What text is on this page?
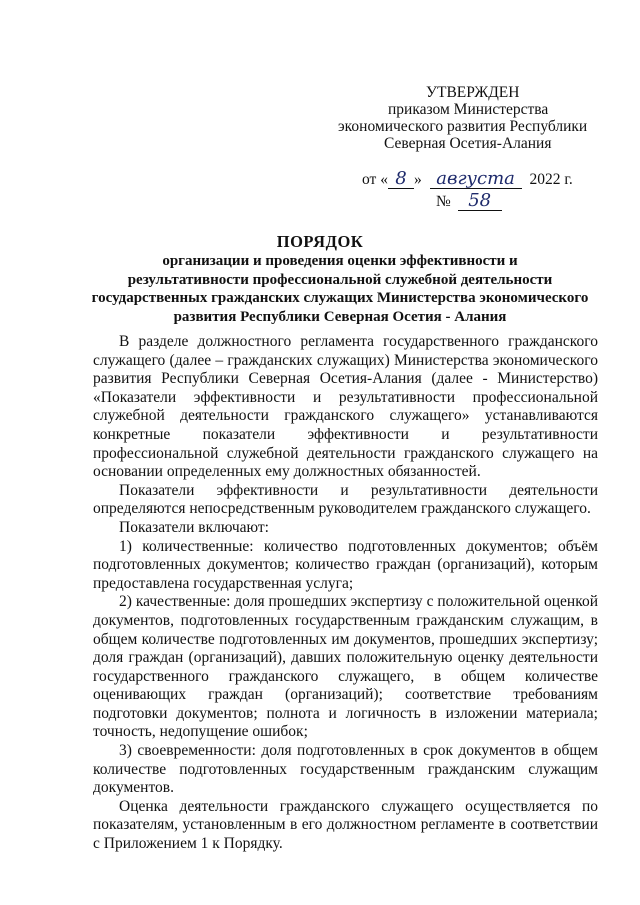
УТВЕРЖДЕН
приказом Министерства
экономического развития Республики
Северная Осетия-Алания
от « 8 » августа 2022 г.
№ 58
ПОРЯДОК
организации и проведения оценки эффективности и
результативности профессиональной служебной деятельности
государственных гражданских служащих Министерства экономического
развития Республики Северная Осетия - Алания

В разделе должностного регламента государственного гражданского служащего (далее – гражданских служащих) Министерства экономического развития Республики Северная Осетия-Алания (далее - Министерство) «Показатели эффективности и результативности профессиональной служебной деятельности гражданского служащего» устанавливаются конкретные показатели эффективности и результативности профессиональной служебной деятельности гражданского служащего на основании определенных ему должностных обязанностей.

Показатели эффективности и результативности деятельности определяются непосредственным руководителем гражданского служащего.

Показатели включают:

1) количественные: количество подготовленных документов; объём подготовленных документов; количество граждан (организаций), которым предоставлена государственная услуга;

2) качественные: доля прошедших экспертизу с положительной оценкой документов, подготовленных государственным гражданским служащим, в общем количестве подготовленных им документов, прошедших экспертизу; доля граждан (организаций), давших положительную оценку деятельности государственного гражданского служащего, в общем количестве оценивающих граждан (организаций); соответствие требованиям подготовки документов; полнота и логичность в изложении материала; точность, недопущение ошибок;

3) своевременности: доля подготовленных в срок документов в общем количестве подготовленных государственным гражданским служащим документов.

Оценка деятельности гражданского служащего осуществляется по показателям, установленным в его должностном регламенте в соответствии с Приложением 1 к Порядку.
